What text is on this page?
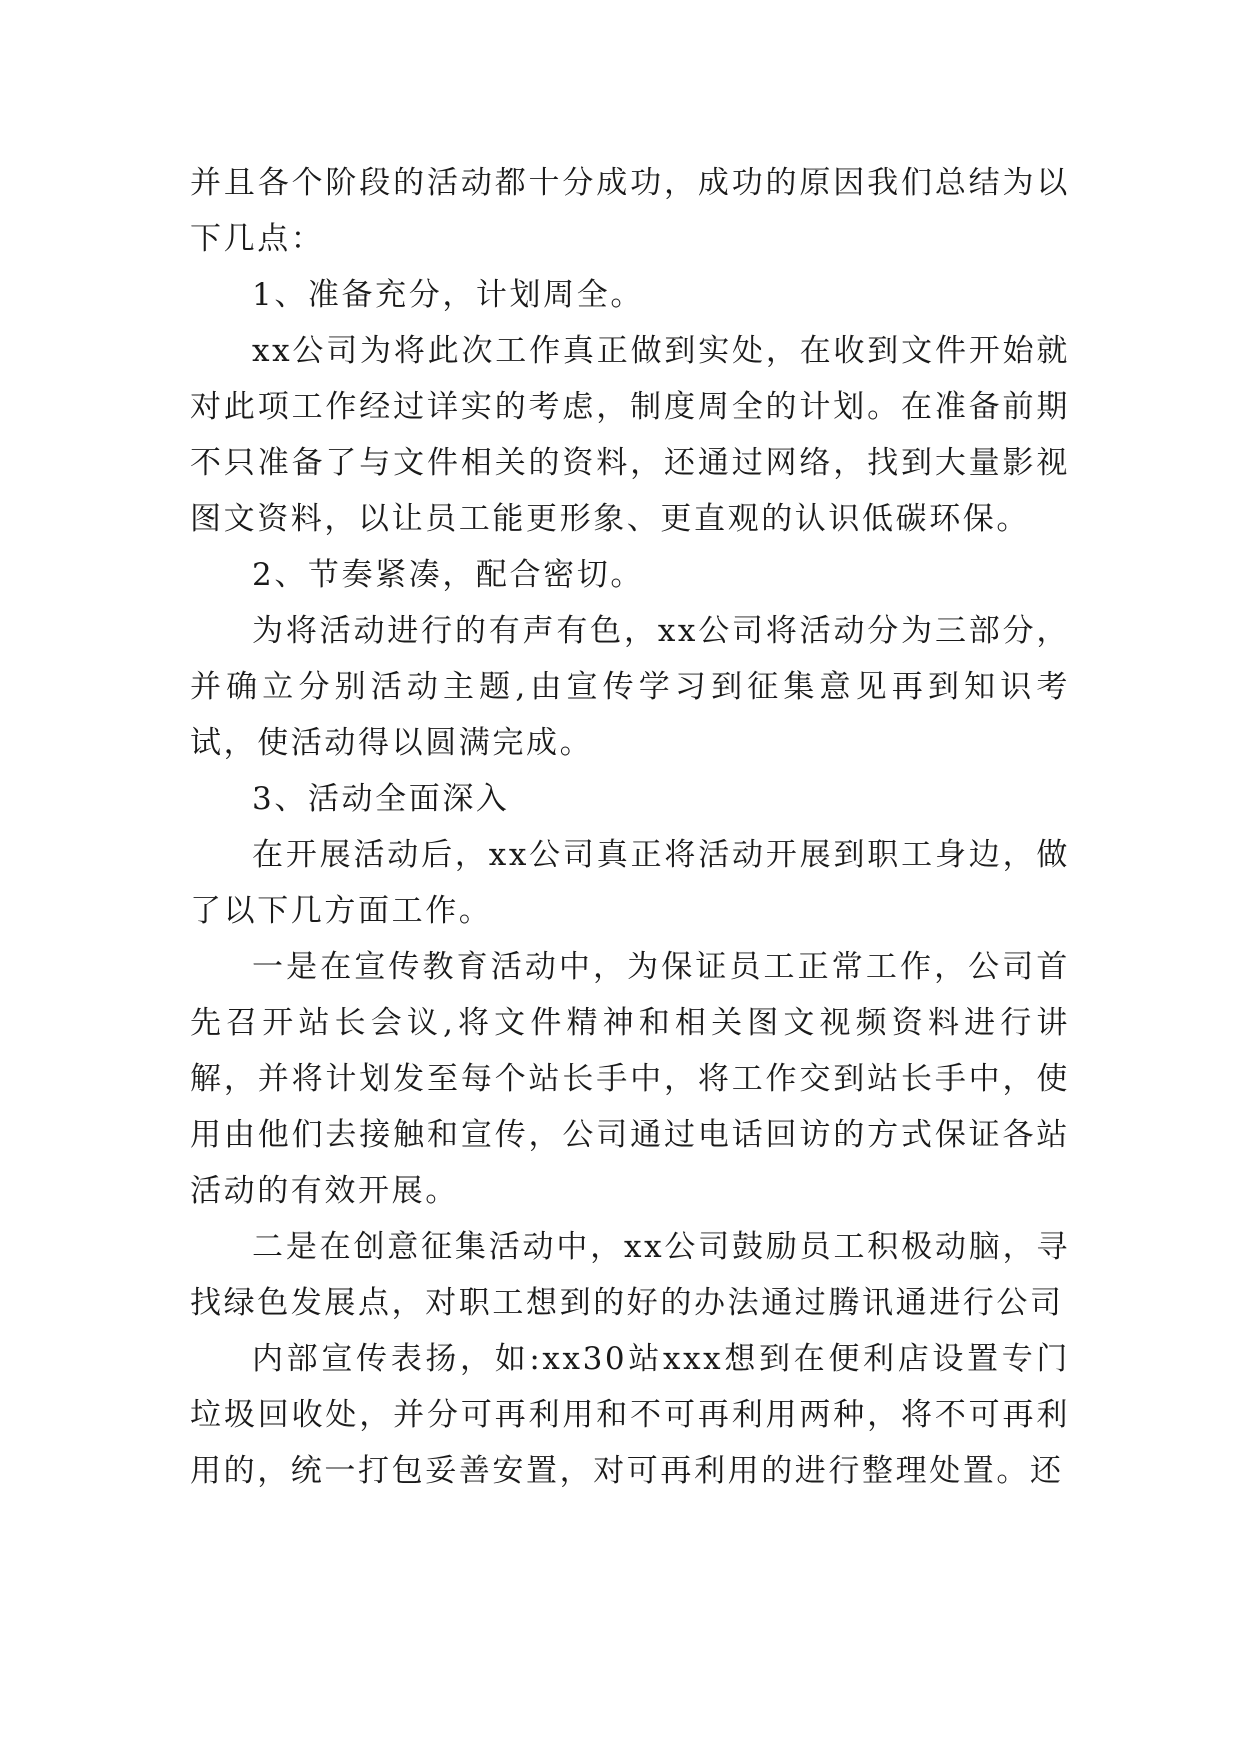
并且各个阶段的活动都十分成功，成功的原因我们总结为以下几点：

1、准备充分，计划周全。

xx公司为将此次工作真正做到实处，在收到文件开始就对此项工作经过详实的考虑，制度周全的计划。在准备前期不只准备了与文件相关的资料，还通过网络，找到大量影视图文资料，以让员工能更形象、更直观的认识低碳环保。

2、节奏紧凑，配合密切。

为将活动进行的有声有色，xx公司将活动分为三部分，并确立分别活动主题,由宣传学习到征集意见再到知识考试，使活动得以圆满完成。

3、活动全面深入

在开展活动后，xx公司真正将活动开展到职工身边，做了以下几方面工作。

一是在宣传教育活动中，为保证员工正常工作，公司首先召开站长会议,将文件精神和相关图文视频资料进行讲解，并将计划发至每个站长手中，将工作交到站长手中，使用由他们去接触和宣传，公司通过电话回访的方式保证各站活动的有效开展。

二是在创意征集活动中，xx公司鼓励员工积极动脑，寻找绿色发展点，对职工想到的好的办法通过腾讯通进行公司

内部宣传表扬，如:xx30站xxx想到在便利店设置专门垃圾回收处，并分可再利用和不可再利用两种，将不可再利用的，统一打包妥善安置，对可再利用的进行整理处置。还
